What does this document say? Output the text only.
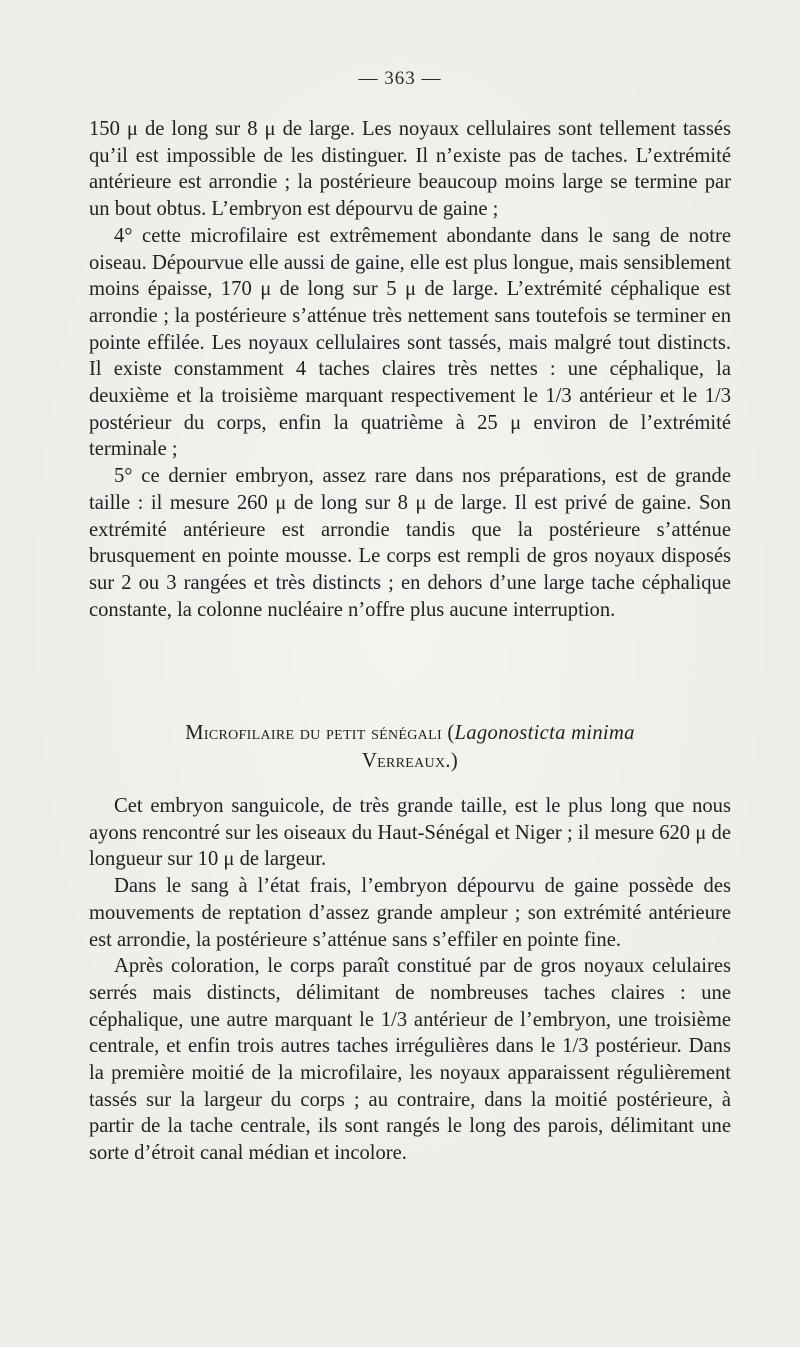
— 363 —

150 μ de long sur 8 μ de large. Les noyaux cellulaires sont tellement tassés qu’il est impossible de les distinguer. Il n’existe pas de taches. L’extrémité antérieure est arrondie ; la postérieure beaucoup moins large se termine par un bout obtus. L’embryon est dépourvu de gaine ;

4° cette microfilaire est extrêmement abondante dans le sang de notre oiseau. Dépourvue elle aussi de gaine, elle est plus longue, mais sensiblement moins épaisse, 170 μ de long sur 5 μ de large. L’extrémité céphalique est arrondie ; la postérieure s’atténue très nettement sans toutefois se terminer en pointe effilée. Les noyaux cellulaires sont tassés, mais malgré tout distincts. Il existe constamment 4 taches claires très nettes : une céphalique, la deuxième et la troisième marquant respectivement le 1/3 antérieur et le 1/3 postérieur du corps, enfin la quatrième à 25 μ environ de l’extrémité terminale ;

5° ce dernier embryon, assez rare dans nos préparations, est de grande taille : il mesure 260 μ de long sur 8 μ de large. Il est privé de gaine. Son extrémité antérieure est arrondie tandis que la postérieure s’atténue brusquement en pointe mousse. Le corps est rempli de gros noyaux disposés sur 2 ou 3 rangées et très distincts ; en dehors d’une large tache céphalique constante, la colonne nucléaire n’offre plus aucune interruption.

Microfilaire du petit sénégali (Lagonosticta minima
Verreaux.)

Cet embryon sanguicole, de très grande taille, est le plus long que nous ayons rencontré sur les oiseaux du Haut-Sénégal et Niger ; il mesure 620 μ de longueur sur 10 μ de largeur.

Dans le sang à l’état frais, l’embryon dépourvu de gaine possède des mouvements de reptation d’assez grande ampleur ; son extrémité antérieure est arrondie, la postérieure s’atténue sans s’effiler en pointe fine.

Après coloration, le corps paraît constitué par de gros noyaux celulaires serrés mais distincts, délimitant de nombreuses taches claires : une céphalique, une autre marquant le 1/3 antérieur de l’embryon, une troisième centrale, et enfin trois autres taches irrégulières dans le 1/3 postérieur. Dans la première moitié de la microfilaire, les noyaux apparaissent régulièrement tassés sur la largeur du corps ; au contraire, dans la moitié postérieure, à partir de la tache centrale, ils sont rangés le long des parois, délimitant une sorte d’étroit canal médian et incolore.
